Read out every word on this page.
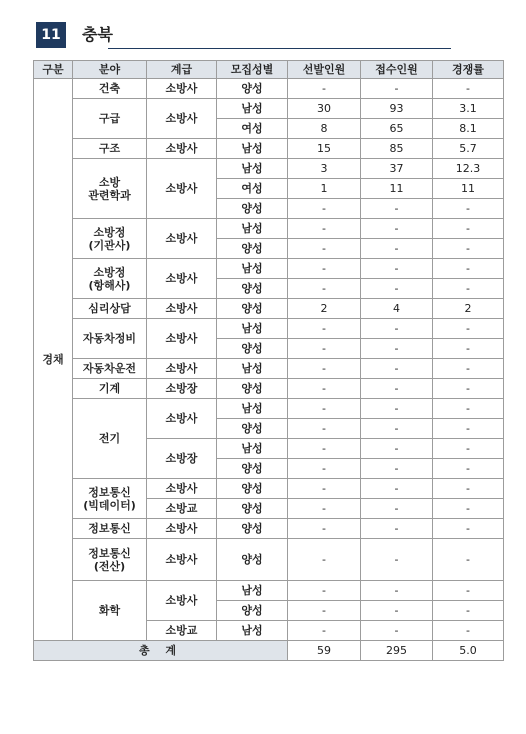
11	충북
구분	분야	계급	모집성별	선발인원	접수인원	경쟁률
경채	건축	소방사	양성	-	-	-
	구급	소방사	남성	30	93	3.1
			여성	8	65	8.1
	구조	소방사	남성	15	85	5.7
	소방
관련학과	소방사	남성	3	37	12.3
			여성	1	11	11
			양성	-	-	-
	소방정
(기관사)	소방사	남성	-	-	-
			양성	-	-	-
	소방정
(항해사)	소방사	남성	-	-	-
			양성	-	-	-
	심리상담	소방사	양성	2	4	2
	자동차정비	소방사	남성	-	-	-
			양성	-	-	-
	자동차운전	소방사	남성	-	-	-
	기계	소방장	양성	-	-	-
	전기	소방사	남성	-	-	-
			양성	-	-	-
		소방장	남성	-	-	-
			양성	-	-	-
	정보통신
(빅데이터)	소방사	양성	-	-	-
		소방교	양성	-	-	-
	정보통신	소방사	양성	-	-	-
	정보통신
(전산)	소방사	양성	-	-	-
	화학	소방사	남성	-	-	-
			양성	-	-	-
		소방교	남성	-	-	-
총 계				59	295	5.0
